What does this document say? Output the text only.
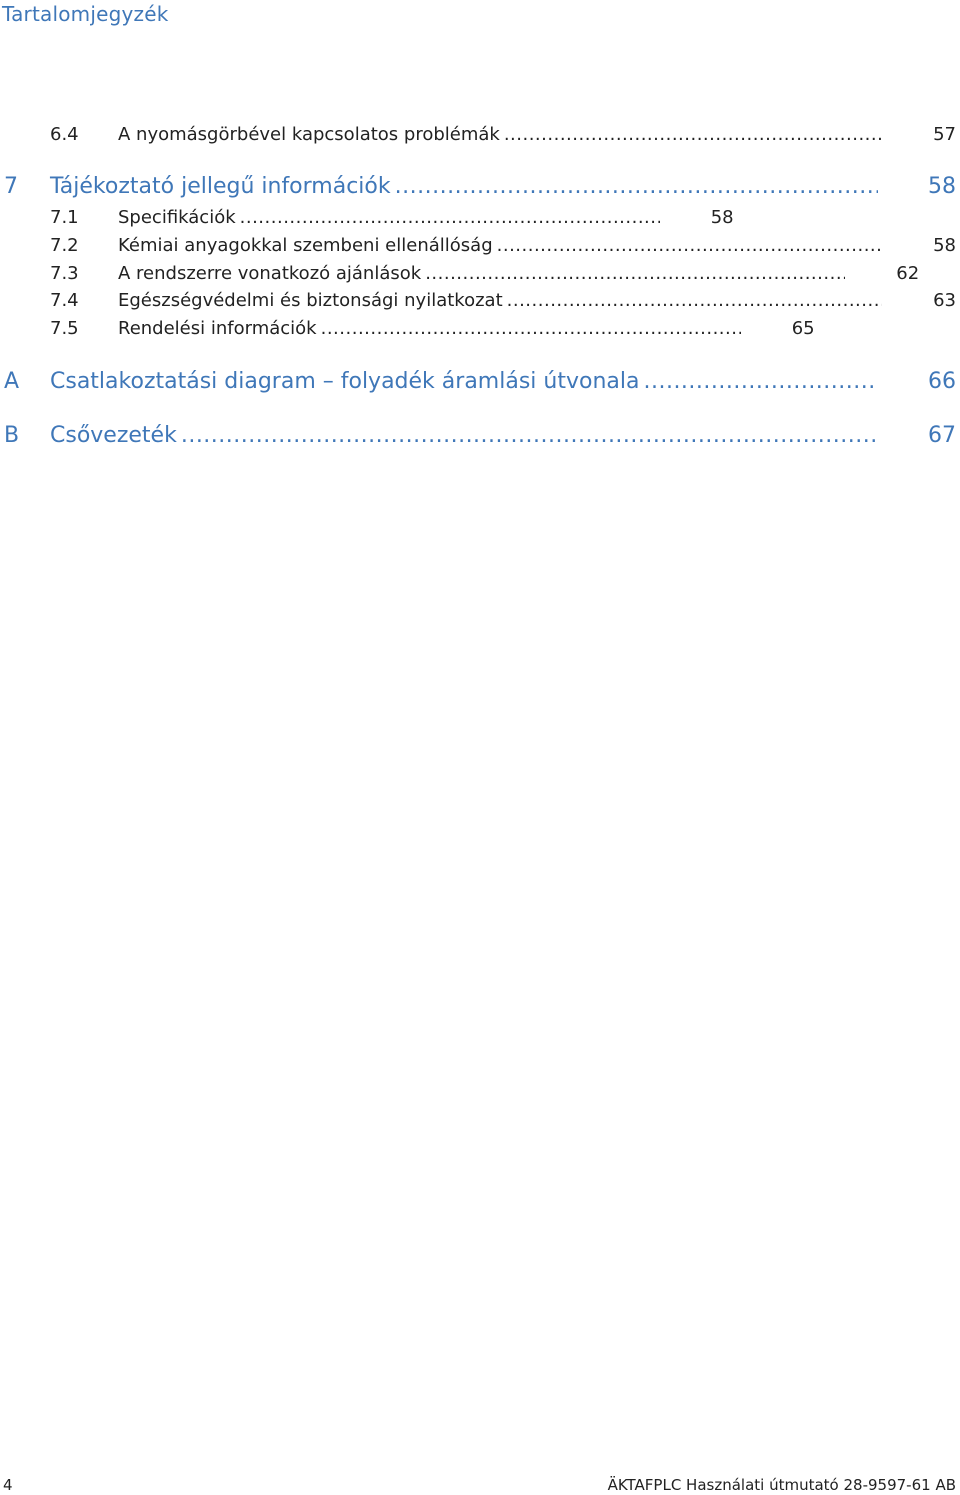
Tartalomjegyzék
6.4	A nyomásgörbével kapcsolatos problémák .....	57
7	Tájékoztató jellegű információk .....	58
7.1	Specifikációk .....	58
7.2	Kémiai anyagokkal szembeni ellenállóság .....	58
7.3	A rendszerre vonatkozó ajánlások .....	62
7.4	Egészségvédelmi és biztonsági nyilatkozat .....	63
7.5	Rendelési információk .....	65
A	Csatlakoztatási diagram – folyadék áramlási útvonala .....	66
B	Csővezeték .....	67
4	ÄKTAFPLC Használati útmutató 28-9597-61 AB
